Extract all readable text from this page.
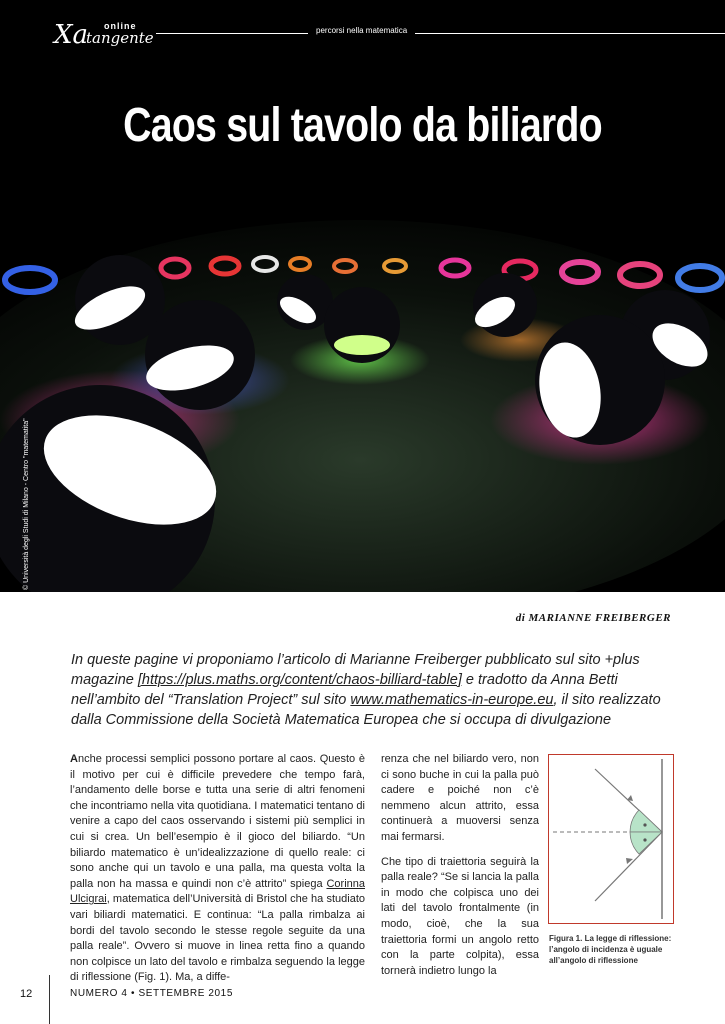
Xa online
tangente	percorsi nella matematica
Caos sul tavolo da biliardo
© Università degli Studi di Milano - Centro "matematita"
di MARIANNE FREIBERGER
In queste pagine vi proponiamo l’articolo di Marianne Freiberger pubblicato sul sito +plus magazine [https://plus.maths.org/content/chaos-billiard-table] e tradotto da Anna Betti nell’ambito del “Translation Project” sul sito www.mathematics-in-europe.eu, il sito realizzato dalla Commissione della Società Matematica Europea che si occupa di divulgazione

Anche processi semplici possono portare al caos. Questo è il motivo per cui è difficile prevedere che tempo farà, l’andamento delle borse e tutta una serie di altri fenomeni che incontriamo nella vita quotidiana. I matematici tentano di venire a capo del caos osservando i sistemi più semplici in cui si crea. Un bell’esempio è il gioco del biliardo. “Un biliardo matematico è un’idealizzazione di quello reale: ci sono anche qui un tavolo e una palla, ma questa volta la palla non ha massa e quindi non c’è attrito” spiega Corinna Ulcigrai, matematica dell’Università di Bristol che ha studiato vari biliardi matematici. E continua: “La palla rimbalza ai bordi del tavolo secondo le stesse regole seguite da una palla reale”. Ovvero si muove in linea retta fino a quando non colpisce un lato del tavolo e rimbalza seguendo la legge di riflessione (Fig. 1). Ma, a diffe-

renza che nel biliardo vero, non ci sono buche in cui la palla può cadere e poiché non c’è nemmeno alcun attrito, essa continuerà a muoversi senza mai fermarsi.

Che tipo di traiettoria seguirà la palla reale? “Se si lancia la palla in modo che colpisca uno dei lati del tavolo frontalmente (in modo, cioè, che la sua traiettoria formi un angolo retto con la parte colpita), essa tornerà indietro lungo la

Figura 1. La legge di riflessione: l’angolo di incidenza è uguale all’angolo di riflessione
12	NUMERO 4 • SETTEMBRE 2015
